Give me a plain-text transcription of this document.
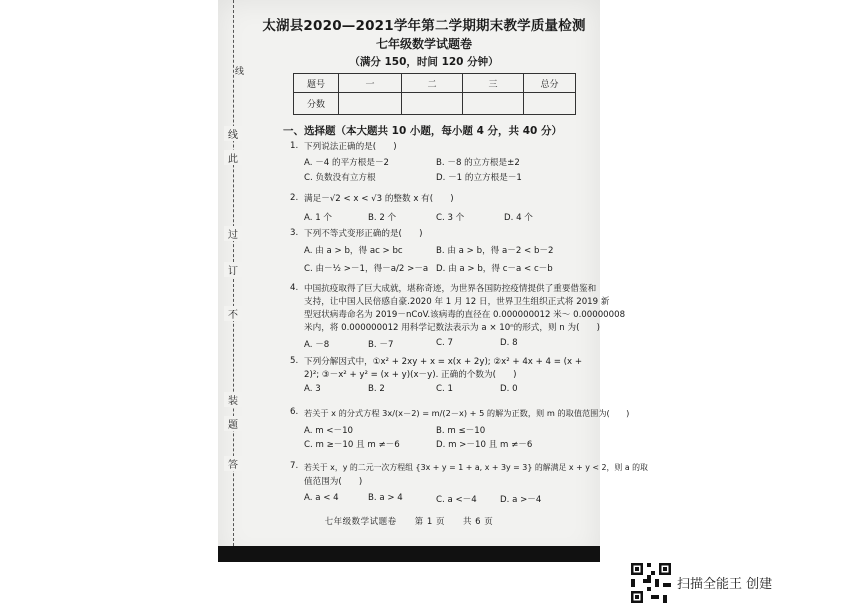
线
此
过
订
不
装
题
答
线
太湖县2020—2021学年第二学期期末教学质量检测
七年级数学试题卷
（满分 150，时间 120 分钟）
题号	一	二	三	总分
分数				
一、选择题（本大题共 10 小题，每小题 4 分，共 40 分）
1. 下列说法正确的是(　　)
A. －4 的平方根是－2	B. －8 的立方根是±2
C. 负数没有立方根	D. －1 的立方根是－1
2. 满足－√2 < x < √3 的整数 x 有(　　)
A. 1 个	B. 2 个	C. 3 个	D. 4 个
3. 下列不等式变形正确的是(　　)
A. 由 a > b，得 ac > bc	B. 由 a > b，得 a－2 < b－2
C. 由－½ >－1，得－a/2 >－a D. 由 a > b，得 c－a < c－b
4. 中国抗疫取得了巨大成就，堪称奇迹，为世界各国防控疫情提供了重要借鉴和
支持，让中国人民倍感自豪.2020 年 1 月 12 日，世界卫生组织正式将 2019 新
型冠状病毒命名为 2019－nCoV.该病毒的直径在 0.000000012 米～ 0.00000008
米内，将 0.000000012 用科学记数法表示为 a × 10ⁿ的形式，则 n 为(　　)
A. －8	B. －7	C. 7	D. 8
5. 下列分解因式中，①x² + 2xy + x = x(x + 2y); ②x² + 4x + 4 = (x +
2)²; ③－x² + y² = (x + y)(x－y). 正确的个数为(　　)
A. 3	B. 2	C. 1	D. 0
6. 若关于 x 的分式方程 3x/(x－2) = m/(2－x) + 5 的解为正数，则 m 的取值范围为(　　)
A. m <－10	B. m ≤－10
C. m ≥－10 且 m ≠－6	D. m >－10 且 m ≠－6
7. 若关于 x，y 的二元一次方程组 {3x + y = 1 + a, x + 3y = 3} 的解满足 x + y < 2，则 a 的取
值范围为(　　)
A. a < 4	B. a > 4	C. a <－4	D. a >－4
七年级数学试题卷　　第 1 页　　共 6 页
扫描全能王 创建
